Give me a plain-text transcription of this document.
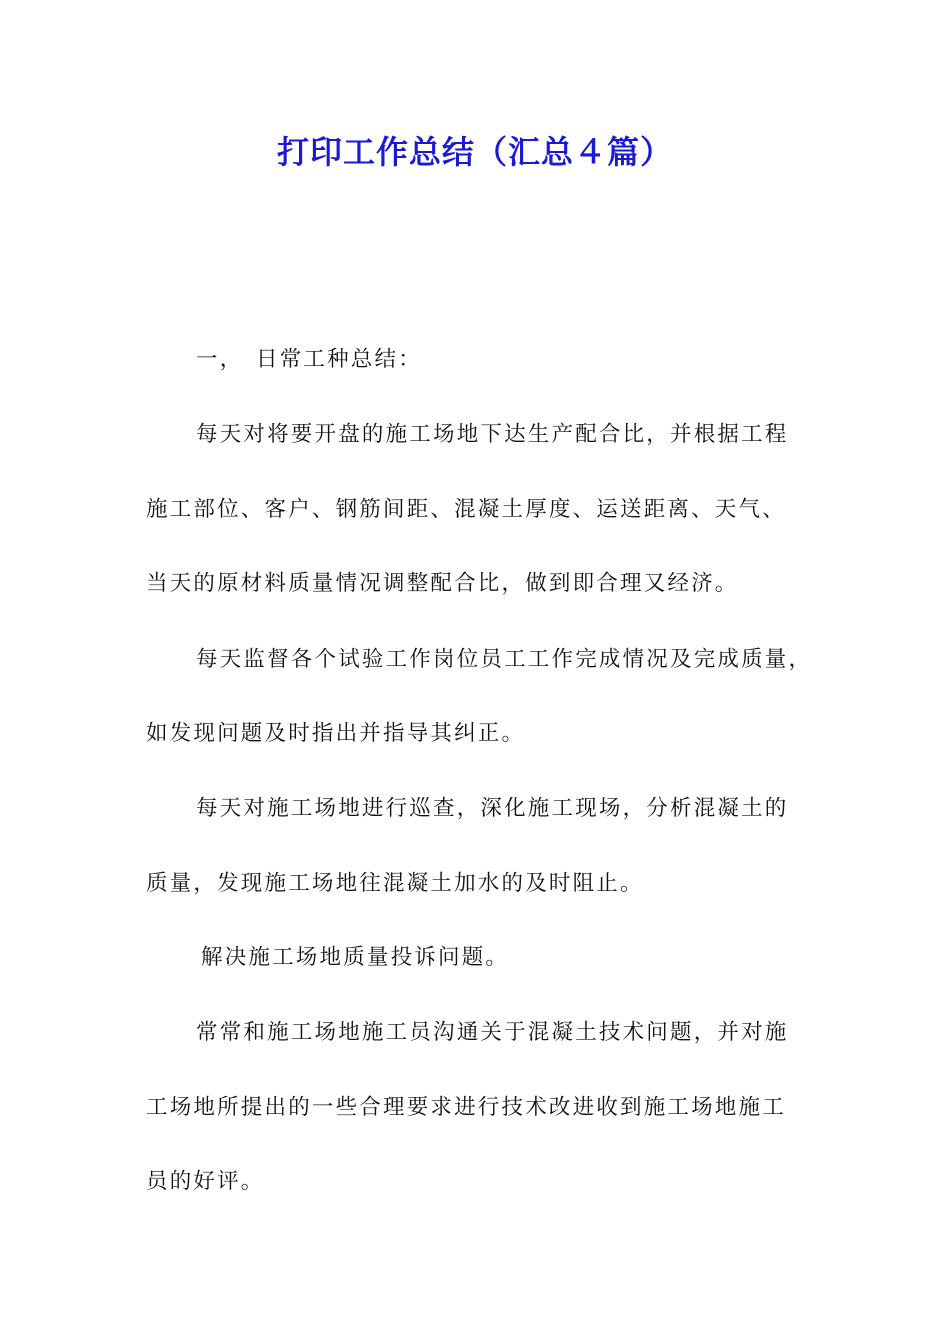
打印工作总结（汇总４篇）
一， 日常工种总结：
每天对将要开盘的施工场地下达生产配合比，并根据工程
施工部位、客户、钢筋间距、混凝土厚度、运送距离、天气、
当天的原材料质量情况调整配合比，做到即合理又经济。
每天监督各个试验工作岗位员工工作完成情况及完成质量，
如发现问题及时指出并指导其纠正。
每天对施工场地进行巡查，深化施工现场，分析混凝土的
质量，发现施工场地往混凝土加水的及时阻止。
解决施工场地质量投诉问题。
常常和施工场地施工员沟通关于混凝土技术问题，并对施
工场地所提出的一些合理要求进行技术改进收到施工场地施工
员的好评。
